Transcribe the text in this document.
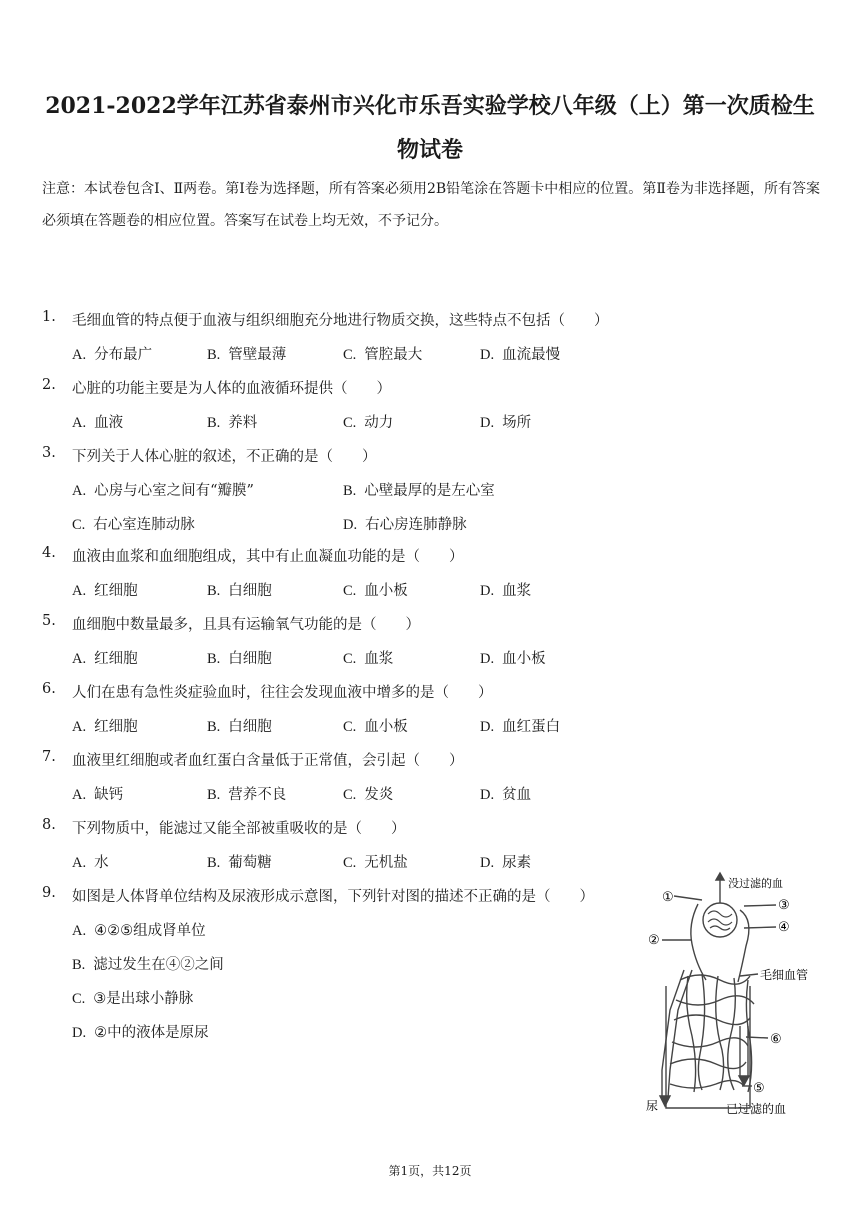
2021-2022学年江苏省泰州市兴化市乐吾实验学校八年级（上）第一次质检生
物试卷
注意：本试卷包含Ⅰ、Ⅱ两卷。第Ⅰ卷为选择题，所有答案必须用2B铅笔涂在答题卡中相应的位置。第Ⅱ卷为非选择题，所有答案必须填在答题卷的相应位置。答案写在试卷上均无效，不予记分。
1. 毛细血管的特点便于血液与组织细胞充分地进行物质交换，这些特点不包括（　　）
A. 分布最广	B. 管壁最薄	C. 管腔最大	D. 血流最慢
2. 心脏的功能主要是为人体的血液循环提供（　　）
A. 血液	B. 养料	C. 动力	D. 场所
3. 下列关于人体心脏的叙述，不正确的是（　　）
A. 心房与心室之间有“瓣膜”	B. 心壁最厚的是左心室
C. 右心室连肺动脉	D. 右心房连肺静脉
4. 血液由血浆和血细胞组成，其中有止血凝血功能的是（　　）
A. 红细胞	B. 白细胞	C. 血小板	D. 血浆
5. 血细胞中数量最多，且具有运输氧气功能的是（　　）
A. 红细胞	B. 白细胞	C. 血浆	D. 血小板
6. 人们在患有急性炎症验血时，往往会发现血液中增多的是（　　）
A. 红细胞	B. 白细胞	C. 血小板	D. 血红蛋白
7. 血液里红细胞或者血红蛋白含量低于正常值，会引起（　　）
A. 缺钙	B. 营养不良	C. 发炎	D. 贫血
8. 下列物质中，能滤过又能全部被重吸收的是（　　）
A. 水	B. 葡萄糖	C. 无机盐	D. 尿素
9. 如图是人体肾单位结构及尿液形成示意图，下列针对图的描述不正确的是（　　）
A. ④②⑤组成肾单位
B. 滤过发生在④②之间
C. ③是出球小静脉
D. ②中的液体是原尿
①
②
③
④
⑤
⑥
没过滤的血
毛细血管
尿	已过滤的血
第1页，共12页
